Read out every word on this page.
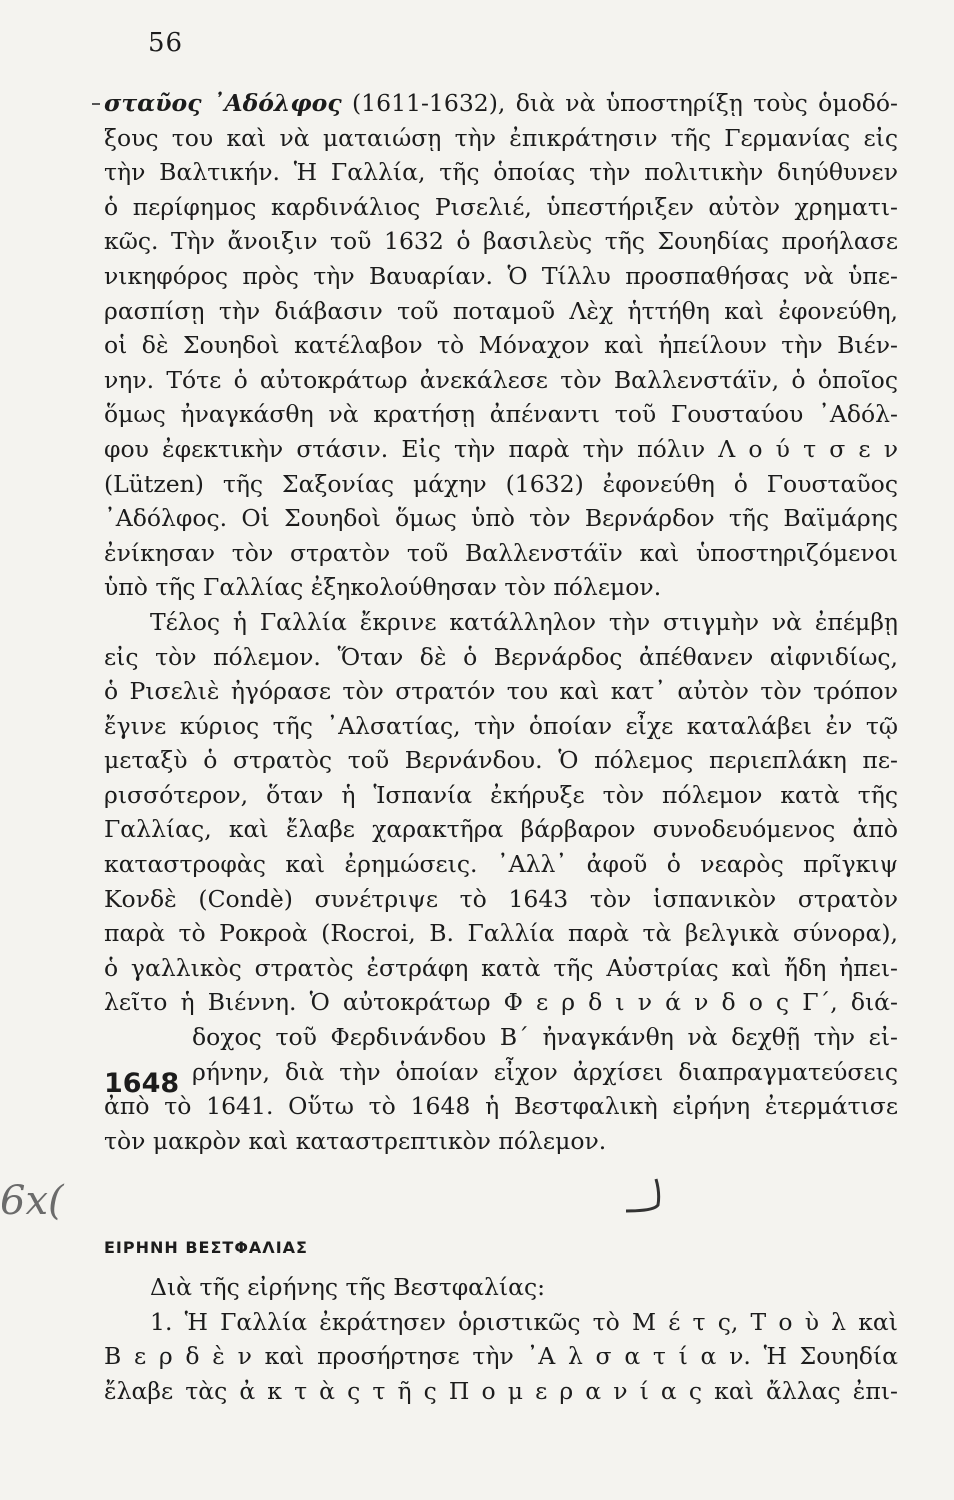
56
σταῦος ᾿Αδόλφος (1611-1632), διὰ νὰ ὑποστηρίξῃ τοὺς ὁμοδό-
ξους του καὶ νὰ ματαιώσῃ τὴν ἐπικράτησιν τῆς Γερμανίας εἰς
τὴν Βαλτικήν. Ἡ Γαλλία, τῆς ὁποίας τὴν πολιτικὴν διηύθυνεν
ὁ περίφημος καρδινάλιος Ρισελιέ, ὑπεστήριξεν αὐτὸν χρηματι-
κῶς. Τὴν ἄνοιξιν τοῦ 1632 ὁ βασιλεὺς τῆς Σουηδίας προήλασε
νικηφόρος πρὸς τὴν Βαυαρίαν. Ὁ Τίλλυ προσπαθήσας νὰ ὑπε-
ρασπίσῃ τὴν διάβασιν τοῦ ποταμοῦ Λὲχ ἡττήθη καὶ ἐφονεύθη,
οἱ δὲ Σουηδοὶ κατέλαβον τὸ Μόναχον καὶ ἠπείλουν τὴν Βιέν-
νην. Τότε ὁ αὐτοκράτωρ ἀνεκάλεσε τὸν Βαλλενστάϊν, ὁ ὁποῖος
ὅμως ἠναγκάσθη νὰ κρατήσῃ ἀπέναντι τοῦ Γουσταύου ᾿Αδόλ-
φου ἐφεκτικὴν στάσιν. Εἰς τὴν παρὰ τὴν πόλιν Λ ο ύ τ σ ε ν
(Lützen) τῆς Σαξονίας μάχην (1632) ἐφονεύθη ὁ Γουσταῦος
᾿Αδόλφος. Οἱ Σουηδοὶ ὅμως ὑπὸ τὸν Βερνάρδον τῆς Βαϊμάρης
ἐνίκησαν τὸν στρατὸν τοῦ Βαλλενστάϊν καὶ ὑποστηριζόμενοι
ὑπὸ τῆς Γαλλίας ἐξηκολούθησαν τὸν πόλεμον.
Τέλος ἡ Γαλλία ἔκρινε κατάλληλον τὴν στιγμὴν νὰ ἐπέμβῃ
εἰς τὸν πόλεμον. Ὅταν δὲ ὁ Βερνάρδος ἀπέθανεν αἰφνιδίως,
ὁ Ρισελιὲ ἠγόρασε τὸν στρατόν του καὶ κατ᾿ αὐτὸν τὸν τρόπον
ἔγινε κύριος τῆς ᾿Αλσατίας, τὴν ὁποίαν εἶχε καταλάβει ἐν τῷ
μεταξὺ ὁ στρατὸς τοῦ Βερνάνδου. Ὁ πόλεμος περιεπλάκη πε-
ρισσότερον, ὅταν ἡ Ἱσπανία ἐκήρυξε τὸν πόλεμον κατὰ τῆς
Γαλλίας, καὶ ἔλαβε χαρακτῆρα βάρβαρον συνοδευόμενος ἀπὸ
καταστροφὰς καὶ ἐρημώσεις. ᾿Αλλ᾿ ἀφοῦ ὁ νεαρὸς πρῖγκιψ
Κονδὲ (Condè) συνέτριψε τὸ 1643 τὸν ἱσπανικὸν στρατὸν
παρὰ τὸ Ροκροὰ (Rocroi, Β. Γαλλία παρὰ τὰ βελγικὰ σύνορα),
ὁ γαλλικὸς στρατὸς ἐστράφη κατὰ τῆς Αὐστρίας καὶ ἤδη ἠπει-
λεῖτο ἡ Βιέννη. Ὁ αὐτοκράτωρ Φ ε ρ δ ι ν ά ν δ ο ς Γ΄, διά-
δοχος τοῦ Φερδινάνδου Β΄ ἠναγκάνθη νὰ δεχθῇ τὴν εἰ-
ρήνην, διὰ τὴν ὁποίαν εἶχον ἀρχίσει διαπραγματεύσεις
ἀπὸ τὸ 1641. Οὕτω τὸ 1648 ἡ Βεστφαλικὴ εἰρήνη ἐτερμάτισε
τὸν μακρὸν καὶ καταστρεπτικὸν πόλεμον.
1648
6x(
ΕΙΡΗΝΗ ΒΕΣΤΦΑΛΙΑΣ
Διὰ τῆς εἰρήνης τῆς Βεστφαλίας:
1. Ἡ Γαλλία ἐκράτησεν ὁριστικῶς τὸ Μ έ τ ς, Τ ο ὺ λ καὶ
Β ε ρ δ ὲ ν καὶ προσήρτησε τὴν ᾿Α λ σ α τ ί α ν. Ἡ Σουηδία
ἔλαβε τὰς ἀ κ τ ὰ ς τ ῆ ς Π ο μ ε ρ α ν ί α ς καὶ ἄλλας ἐπι-
